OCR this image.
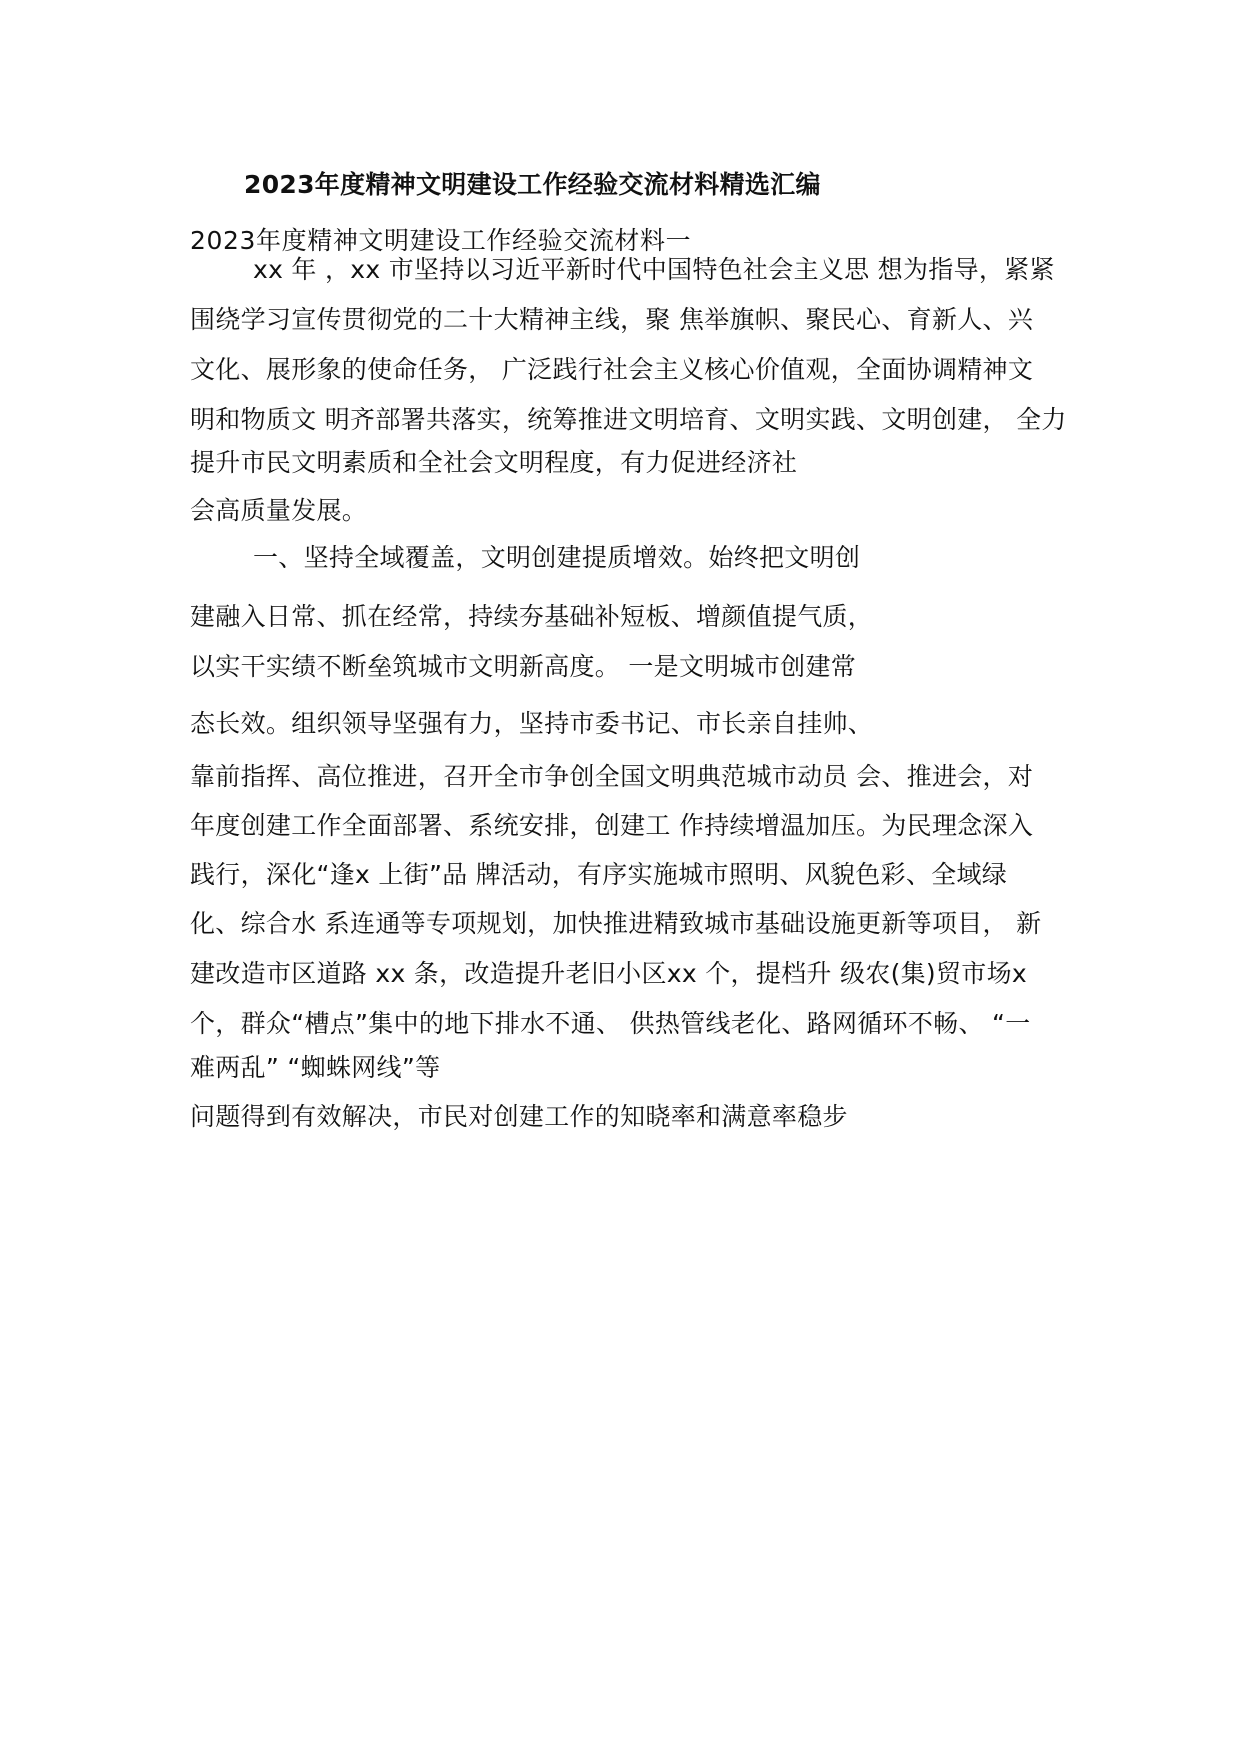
2023年度精神文明建设工作经验交流材料精选汇编
2023年度精神文明建设工作经验交流材料一
xx 年 ，xx 市坚持以习近平新时代中国特色社会主义思 想为指导，紧紧
围绕学习宣传贯彻党的二十大精神主线，聚 焦举旗帜、聚民心、育新人、兴
文化、展形象的使命任务， 广泛践行社会主义核心价值观，全面协调精神文
明和物质文 明齐部署共落实，统筹推进文明培育、文明实践、文明创建， 全力
提升市民文明素质和全社会文明程度，有力促进经济社
会高质量发展。
一、坚持全域覆盖，文明创建提质增效。始终把文明创
建融入日常、抓在经常，持续夯基础补短板、增颜值提气质，
以实干实绩不断垒筑城市文明新高度。 一是文明城市创建常
态长效。组织领导坚强有力，坚持市委书记、市长亲自挂帅、
靠前指挥、高位推进，召开全市争创全国文明典范城市动员 会、推进会，对
年度创建工作全面部署、系统安排，创建工 作持续增温加压。为民理念深入
践行，深化“逢x 上街”品 牌活动，有序实施城市照明、风貌色彩、全域绿
化、综合水 系连通等专项规划，加快推进精致城市基础设施更新等项目， 新
建改造市区道路 xx 条，改造提升老旧小区xx 个，提档升 级农(集)贸市场x
个，群众“槽点”集中的地下排水不通、 供热管线老化、路网循环不畅、 “一
难两乱” “蜘蛛网线”等
问题得到有效解决，市民对创建工作的知晓率和满意率稳步
